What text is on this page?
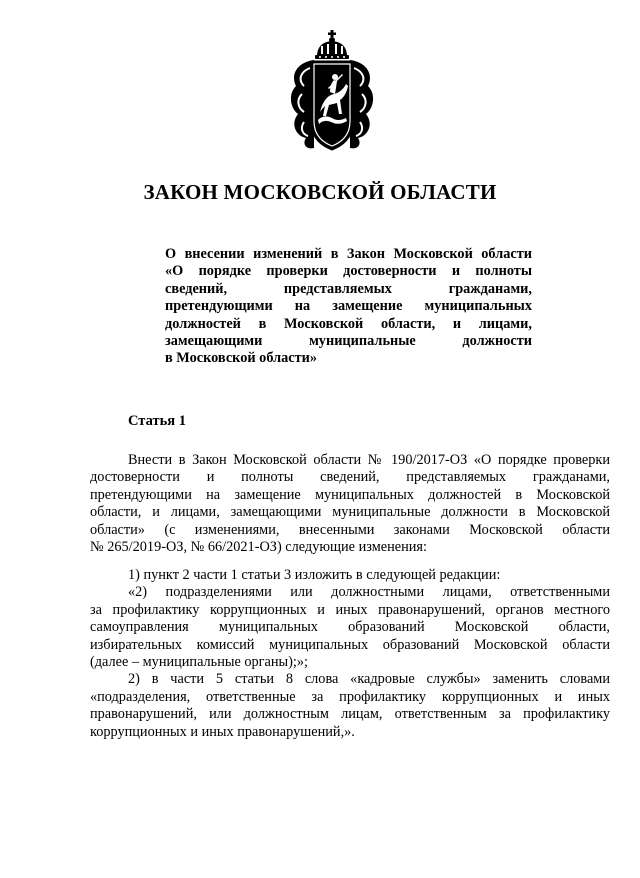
ЗАКОН МОСКОВСКОЙ ОБЛАСТИ
О внесении изменений в Закон Московской области
«О порядке проверки достоверности и полноты
сведений, представляемых гражданами,
претендующими на замещение муниципальных
должностей в Московской области, и лицами,
замещающими муниципальные должности
в Московской области»
Статья 1
Внести в Закон Московской области № 190/2017-ОЗ «О порядке проверки
достоверности и полноты сведений, представляемых гражданами,
претендующими на замещение муниципальных должностей в Московской
области, и лицами, замещающими муниципальные должности в Московской
области» (с изменениями, внесенными законами Московской области
№ 265/2019-ОЗ, № 66/2021-ОЗ) следующие изменения:
1) пункт 2 части 1 статьи 3 изложить в следующей редакции:
«2) подразделениями или должностными лицами, ответственными
за профилактику коррупционных и иных правонарушений, органов местного
самоуправления муниципальных образований Московской области,
избирательных комиссий муниципальных образований Московской области
(далее – муниципальные органы);»;
2) в части 5 статьи 8 слова «кадровые службы» заменить словами
«подразделения, ответственные за профилактику коррупционных и иных
правонарушений, или должностным лицам, ответственным за профилактику
коррупционных и иных правонарушений,».
